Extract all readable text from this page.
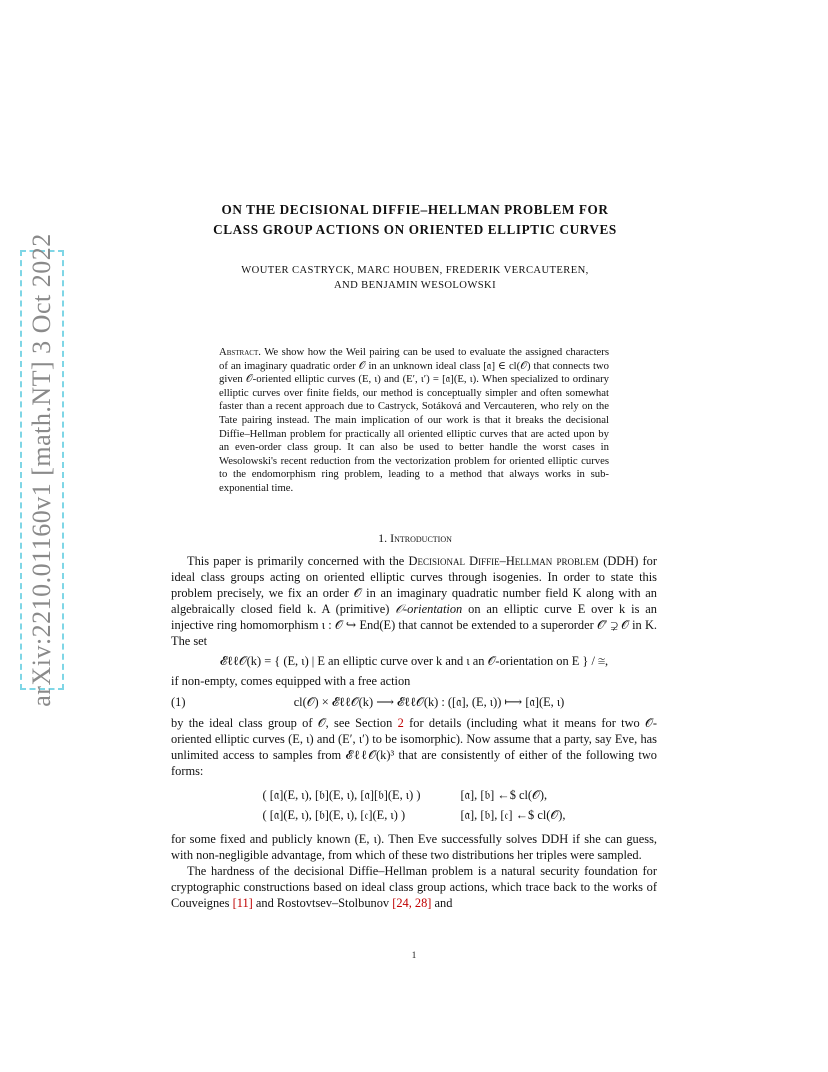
arXiv:2210.01160v1 [math.NT] 3 Oct 2022
ON THE DECISIONAL DIFFIE–HELLMAN PROBLEM FOR
CLASS GROUP ACTIONS ON ORIENTED ELLIPTIC CURVES
WOUTER CASTRYCK, MARC HOUBEN, FREDERIK VERCAUTEREN,
AND BENJAMIN WESOLOWSKI
Abstract. We show how the Weil pairing can be used to evaluate the assigned characters of an imaginary quadratic order 𝒪 in an unknown ideal class [𝔞] ∈ cl(𝒪) that connects two given 𝒪-oriented elliptic curves (E, ι) and (E′, ι′) = [𝔞](E, ι). When specialized to ordinary elliptic curves over finite fields, our method is conceptually simpler and often somewhat faster than a recent approach due to Castryck, Sotáková and Vercauteren, who rely on the Tate pairing instead. The main implication of our work is that it breaks the decisional Diffie–Hellman problem for practically all oriented elliptic curves that are acted upon by an even-order class group. It can also be used to better handle the worst cases in Wesolowski's recent reduction from the vectorization problem for oriented elliptic curves to the endomorphism ring problem, leading to a method that always works in sub-exponential time.
1. Introduction

This paper is primarily concerned with the Decisional Diffie–Hellman problem (DDH) for ideal class groups acting on oriented elliptic curves through isogenies. In order to state this problem precisely, we fix an order 𝒪 in an imaginary quadratic number field K along with an algebraically closed field k. A (primitive) 𝒪-orientation on an elliptic curve E over k is an injective ring homomorphism ι : 𝒪 ↪ End(E) that cannot be extended to a superorder 𝒪′ ⊋ 𝒪 in K. The set

𝓔ℓℓ𝒪(k) = { (E, ι) | E an elliptic curve over k and ι an 𝒪-orientation on E } / ≅,

if non-empty, comes equipped with a free action

(1)	cl(𝒪) × 𝓔ℓℓ𝒪(k) ⟶ 𝓔ℓℓ𝒪(k) : ([𝔞], (E, ι)) ⟼ [𝔞](E, ι)

by the ideal class group of 𝒪, see Section 2 for details (including what it means for two 𝒪-oriented elliptic curves (E, ι) and (E′, ι′) to be isomorphic). Now assume that a party, say Eve, has unlimited access to samples from 𝓔ℓℓ𝒪(k)³ that are consistently of either of the following two forms:

( [𝔞](E, ι), [𝔟](E, ι), [𝔞][𝔟](E, ι) )
( [𝔞](E, ι), [𝔟](E, ι), [𝔠](E, ι) )
[𝔞], [𝔟] ←$ cl(𝒪),
[𝔞], [𝔟], [𝔠] ←$ cl(𝒪),

for some fixed and publicly known (E, ι). Then Eve successfully solves DDH if she can guess, with non-negligible advantage, from which of these two distributions her triples were sampled.

The hardness of the decisional Diffie–Hellman problem is a natural security foundation for cryptographic constructions based on ideal class group actions, which trace back to the works of Couveignes [11] and Rostovtsev–Stolbunov [24, 28] and

1
